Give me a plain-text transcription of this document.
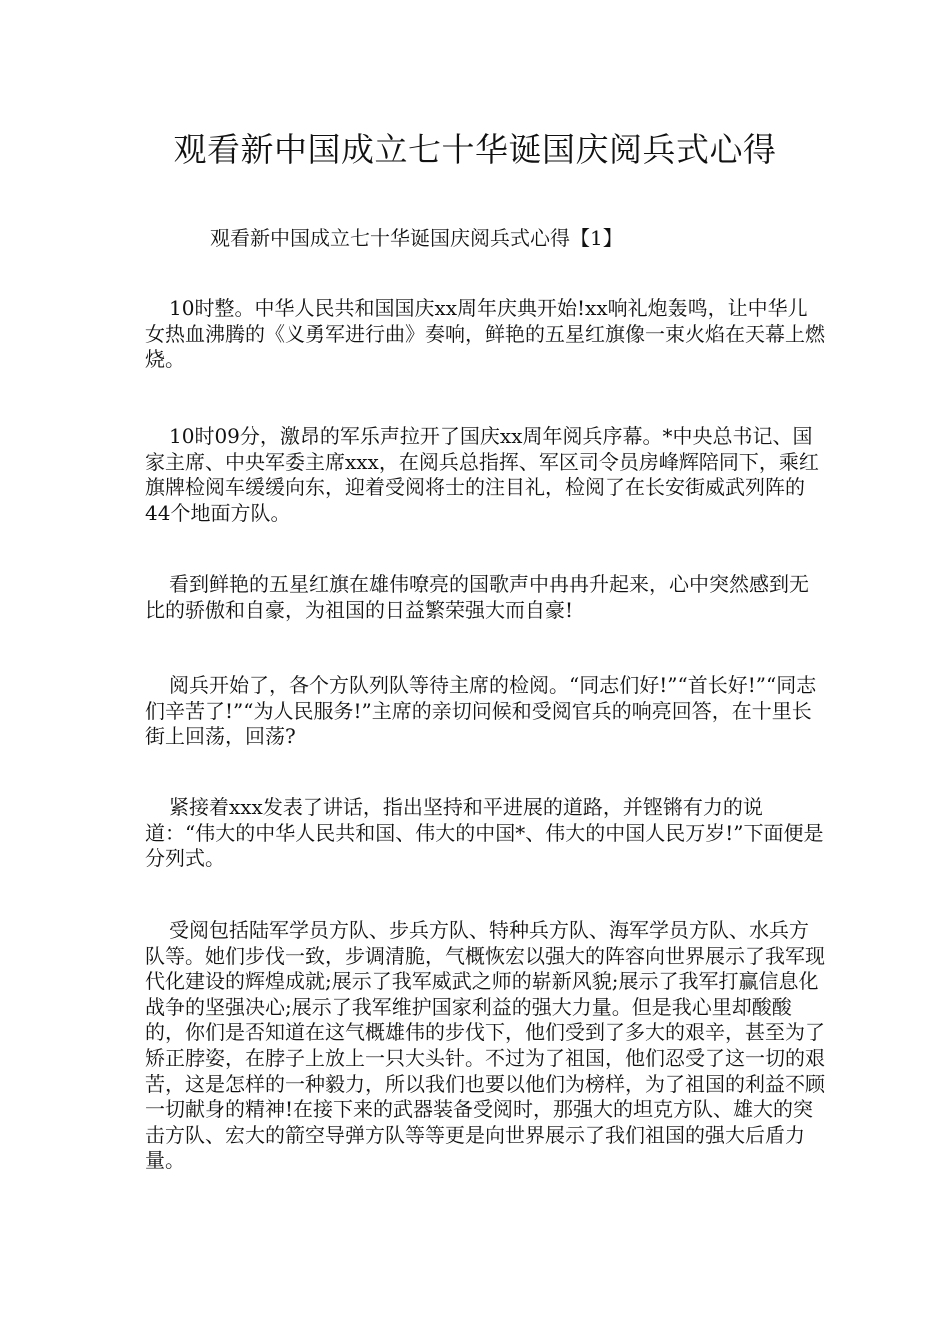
观看新中国成立七十华诞国庆阅兵式心得

观看新中国成立七十华诞国庆阅兵式心得【1】

10时整。中华人民共和国国庆xx周年庆典开始!xx响礼炮轰鸣，让中华儿女热血沸腾的《义勇军进行曲》奏响，鲜艳的五星红旗像一束火焰在天幕上燃烧。

10时09分，激昂的军乐声拉开了国庆xx周年阅兵序幕。*中央总书记、国家主席、中央军委主席xxx，在阅兵总指挥、军区司令员房峰辉陪同下，乘红旗牌检阅车缓缓向东，迎着受阅将士的注目礼，检阅了在长安街威武列阵的44个地面方队。

看到鲜艳的五星红旗在雄伟嘹亮的国歌声中冉冉升起来，心中突然感到无比的骄傲和自豪，为祖国的日益繁荣强大而自豪!

阅兵开始了，各个方队列队等待主席的检阅。“同志们好!”“首长好!”“同志们辛苦了!”“为人民服务!”主席的亲切问候和受阅官兵的响亮回答，在十里长街上回荡，回荡?

紧接着xxx发表了讲话，指出坚持和平进展的道路，并铿锵有力的说道：“伟大的中华人民共和国、伟大的中国*、伟大的中国人民万岁!”下面便是分列式。

受阅包括陆军学员方队、步兵方队、特种兵方队、海军学员方队、水兵方队等。她们步伐一致，步调清脆，气概恢宏以强大的阵容向世界展示了我军现代化建设的辉煌成就;展示了我军威武之师的崭新风貌;展示了我军打赢信息化战争的坚强决心;展示了我军维护国家利益的强大力量。但是我心里却酸酸的，你们是否知道在这气概雄伟的步伐下，他们受到了多大的艰辛，甚至为了矫正脖姿，在脖子上放上一只大头针。不过为了祖国，他们忍受了这一切的艰苦，这是怎样的一种毅力，所以我们也要以他们为榜样，为了祖国的利益不顾一切献身的精神!在接下来的武器装备受阅时，那强大的坦克方队、雄大的突击方队、宏大的箭空导弹方队等等更是向世界展示了我们祖国的强大后盾力量。
